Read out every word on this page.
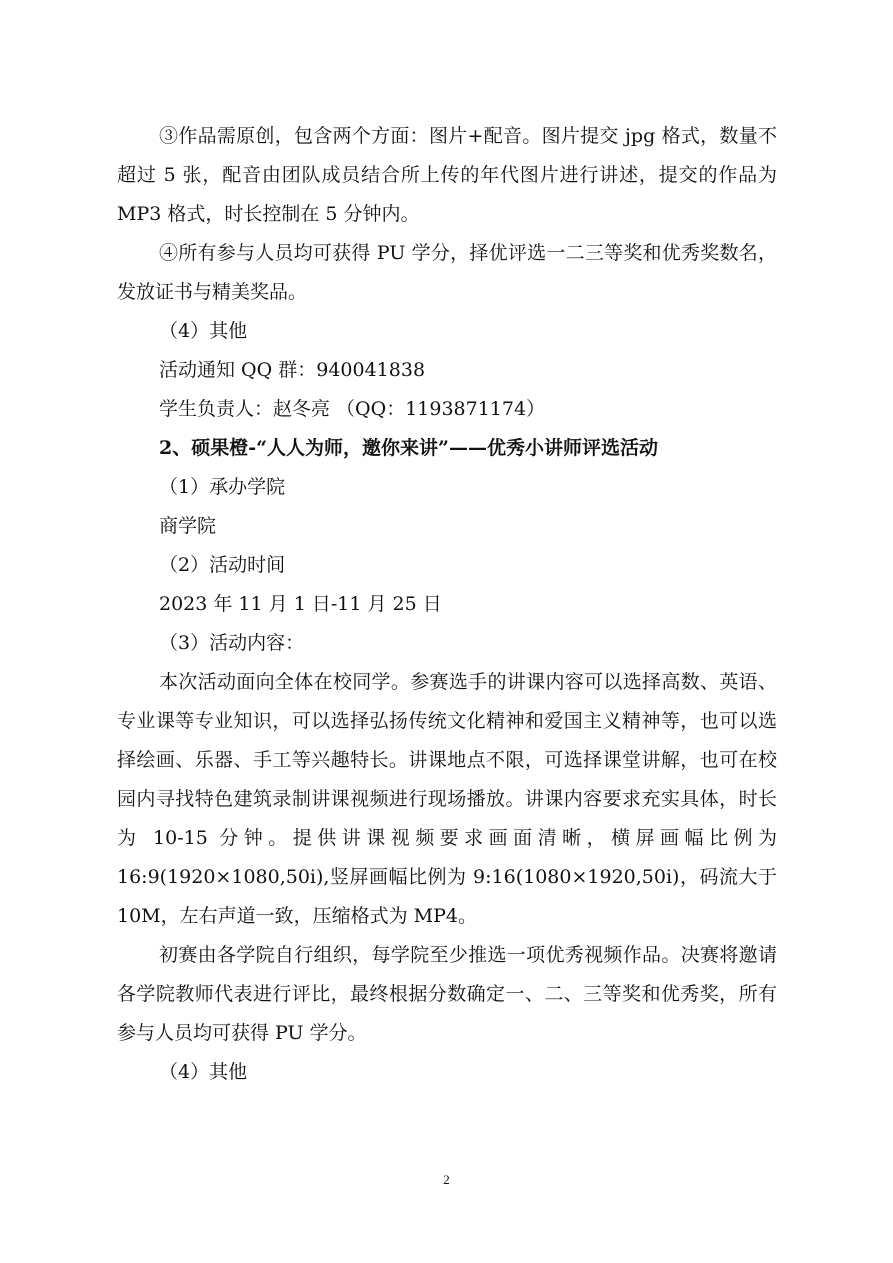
③作品需原创，包含两个方面：图片+配音。图片提交 jpg 格式，数量不超过 5 张，配音由团队成员结合所上传的年代图片进行讲述，提交的作品为 MP3 格式，时长控制在 5 分钟内。

④所有参与人员均可获得 PU 学分，择优评选一二三等奖和优秀奖数名，发放证书与精美奖品。

（4）其他

活动通知 QQ 群：940041838

学生负责人：赵冬亮 （QQ：1193871174）

2、硕果橙-“人人为师，邀你来讲”——优秀小讲师评选活动

（1）承办学院

商学院

（2）活动时间

2023 年 11 月 1 日-11 月 25 日

（3）活动内容：

本次活动面向全体在校同学。参赛选手的讲课内容可以选择高数、英语、专业课等专业知识，可以选择弘扬传统文化精神和爱国主义精神等，也可以选择绘画、乐器、手工等兴趣特长。讲课地点不限，可选择课堂讲解，也可在校园内寻找特色建筑录制讲课视频进行现场播放。讲课内容要求充实具体，时长为 10-15 分钟。提供讲课视频要求画面清晰，横屏画幅比例为 16:9(1920×1080,50i),竖屏画幅比例为 9:16(1080×1920,50i)，码流大于 10M，左右声道一致，压缩格式为 MP4。

初赛由各学院自行组织，每学院至少推选一项优秀视频作品。决赛将邀请各学院教师代表进行评比，最终根据分数确定一、二、三等奖和优秀奖，所有参与人员均可获得 PU 学分。

（4）其他

2
